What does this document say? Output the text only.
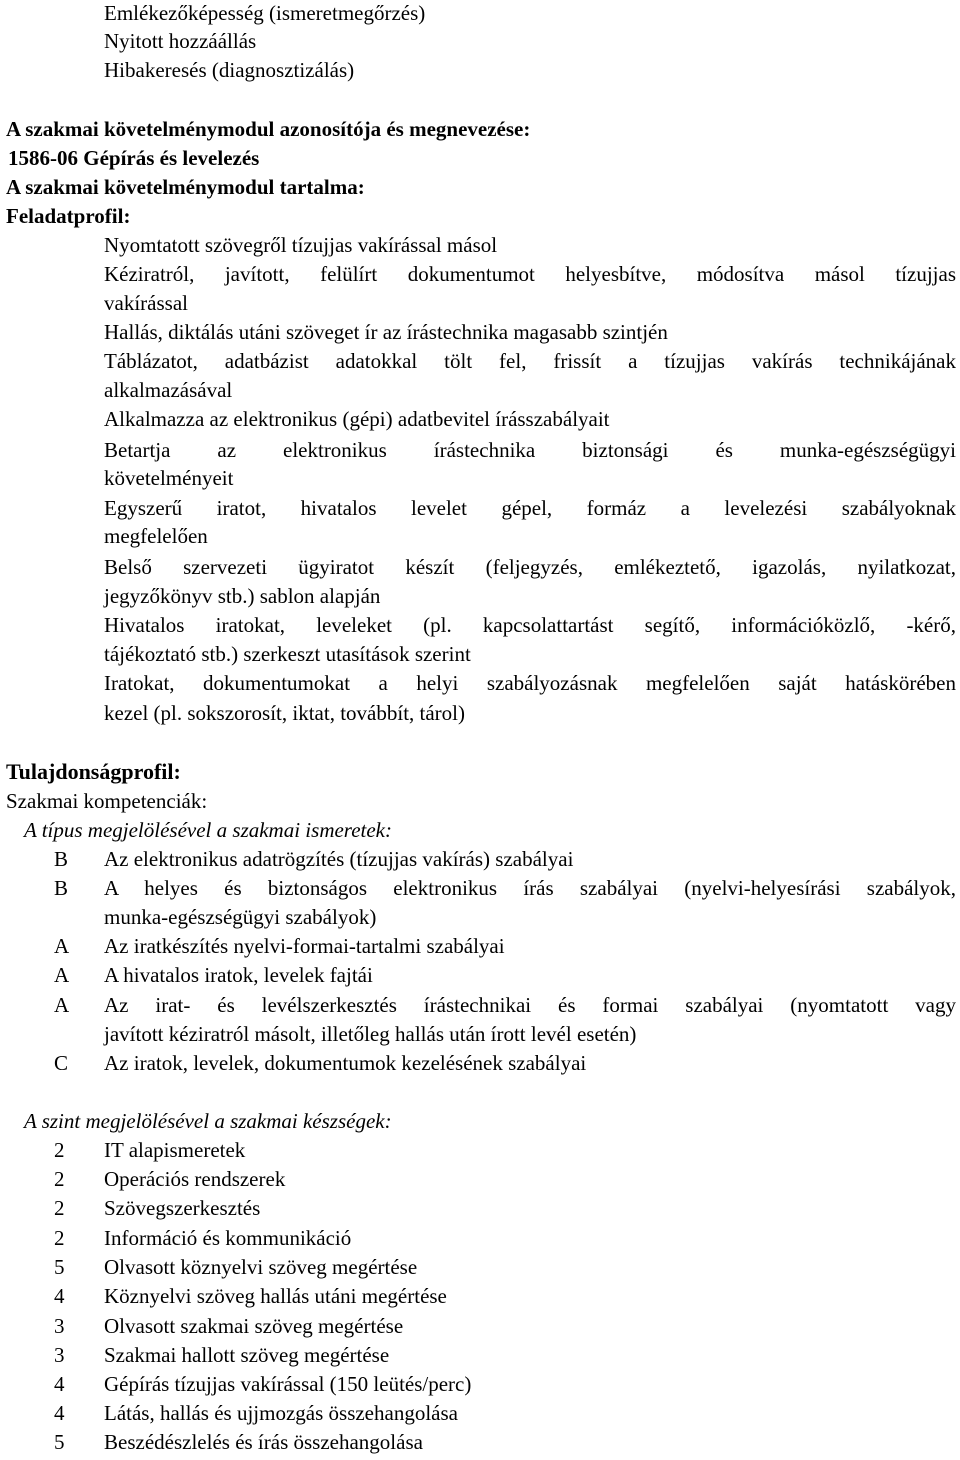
Emlékezőképesség (ismeretmegőrzés)
Nyitott hozzáállás
Hibakeresés (diagnosztizálás)
A szakmai követelménymodul azonosítója és megnevezése:
1586-06 Gépírás és levelezés
A szakmai követelménymodul tartalma:
Feladatprofil:
Nyomtatott szövegről tízujjas vakírással másol
Kéziratról, javított, felülírt dokumentumot helyesbítve, módosítva másol tízujjas
vakírással
Hallás, diktálás utáni szöveget ír az írástechnika magasabb szintjén
Táblázatot, adatbázist adatokkal tölt fel, frissít a tízujjas vakírás technikájának
alkalmazásával
Alkalmazza az elektronikus (gépi) adatbevitel írásszabályait
Betartja az elektronikus írástechnika biztonsági és munka-egészségügyi
követelményeit
Egyszerű iratot, hivatalos levelet gépel, formáz a levelezési szabályoknak
megfelelően
Belső szervezeti ügyiratot készít (feljegyzés, emlékeztető, igazolás, nyilatkozat,
jegyzőkönyv stb.) sablon alapján
Hivatalos iratokat, leveleket (pl. kapcsolattartást segítő, információközlő, -kérő,
tájékoztató stb.) szerkeszt utasítások szerint
Iratokat, dokumentumokat a helyi szabályozásnak megfelelően saját hatáskörében
kezel (pl. sokszorosít, iktat, továbbít, tárol)
Tulajdonságprofil:
Szakmai kompetenciák:
A típus megjelölésével a szakmai ismeretek:
B Az elektronikus adatrögzítés (tízujjas vakírás) szabályai
B A helyes és biztonságos elektronikus írás szabályai (nyelvi-helyesírási szabályok,
munka-egészségügyi szabályok)
A Az iratkészítés nyelvi-formai-tartalmi szabályai
A A hivatalos iratok, levelek fajtái
A Az irat- és levélszerkesztés írástechnikai és formai szabályai (nyomtatott vagy
javított kéziratról másolt, illetőleg hallás után írott levél esetén)
C Az iratok, levelek, dokumentumok kezelésének szabályai
A szint megjelölésével a szakmai készségek:
2 IT alapismeretek
2 Operációs rendszerek
2 Szövegszerkesztés
2 Információ és kommunikáció
5 Olvasott köznyelvi szöveg megértése
4 Köznyelvi szöveg hallás utáni megértése
3 Olvasott szakmai szöveg megértése
3 Szakmai hallott szöveg megértése
4 Gépírás tízujjas vakírással (150 leütés/perc)
4 Látás, hallás és ujjmozgás összehangolása
5 Beszédészlelés és írás összehangolása
